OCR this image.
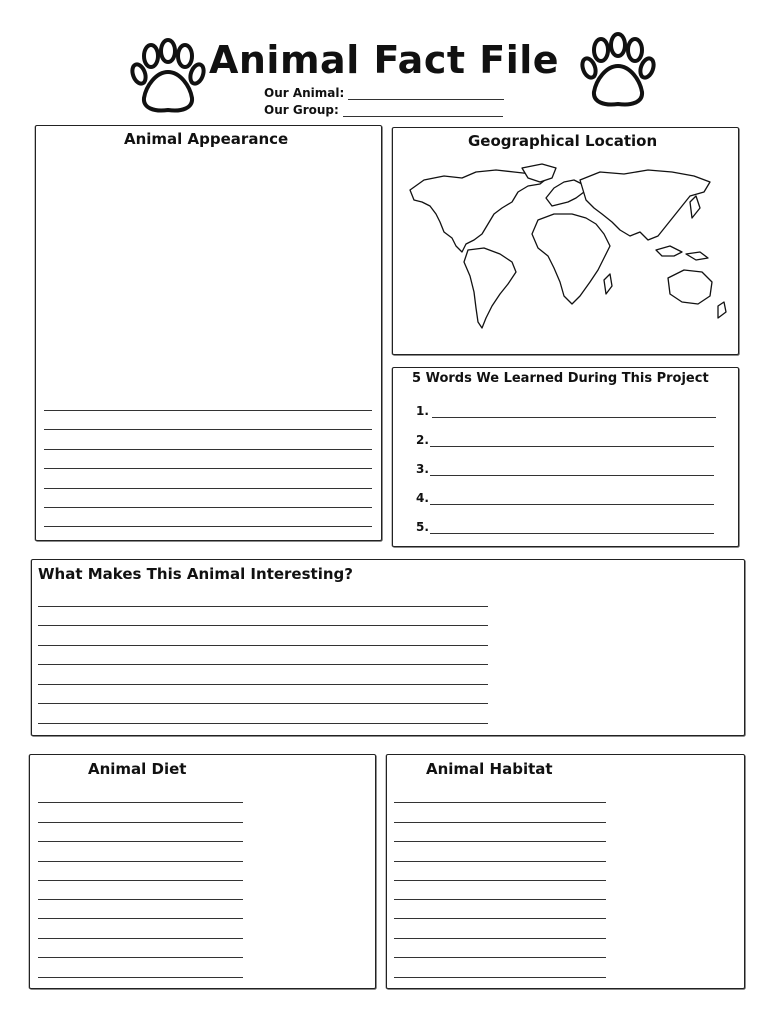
Animal Fact File
Our Animal:
Our Group:
Animal Appearance	Geographical Location
5 Words We Learned During This Project
1.
2.
3.
4.
5.
What Makes This Animal Interesting?
Animal Diet	Animal Habitat
